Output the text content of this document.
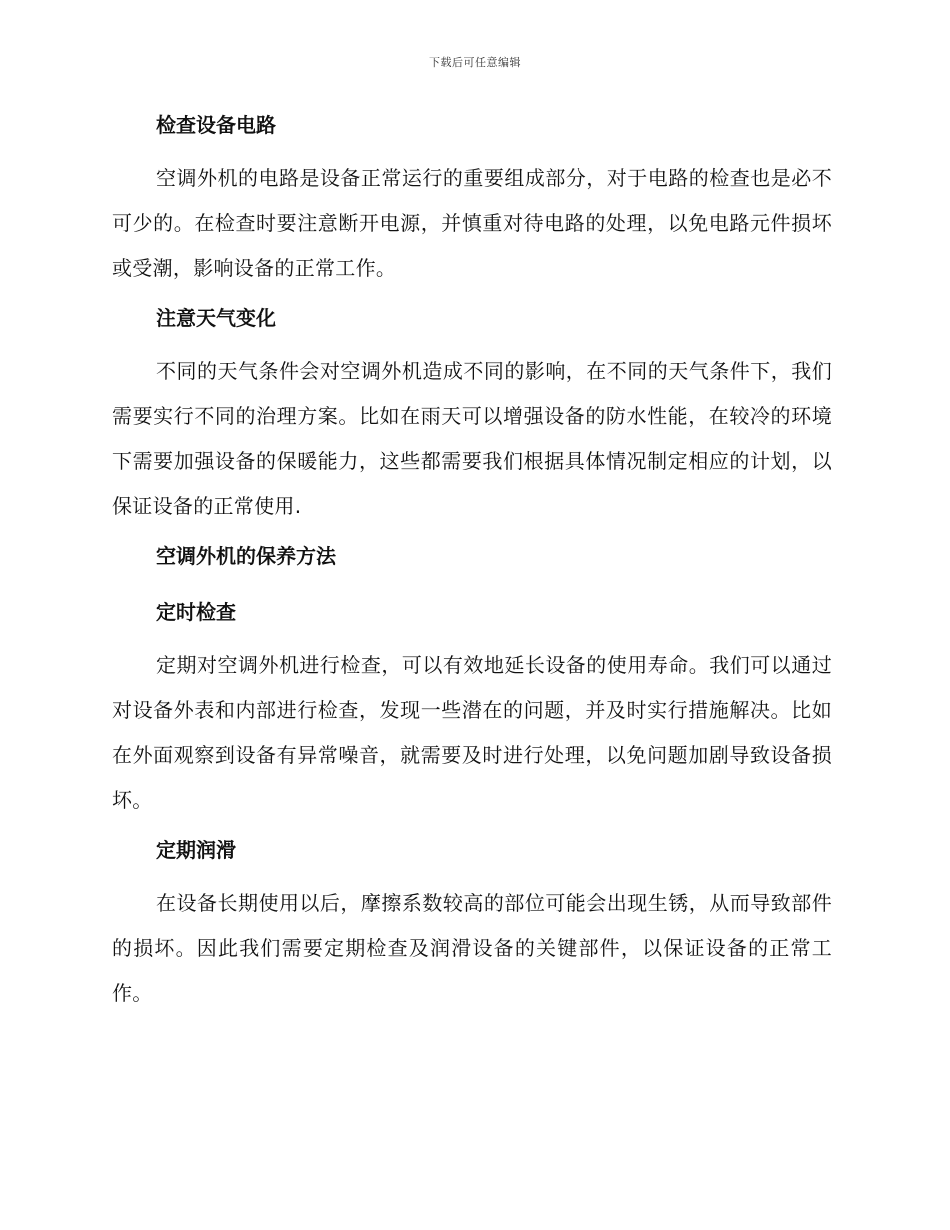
下载后可任意编辑
检查设备电路

空调外机的电路是设备正常运行的重要组成部分，对于电路的检查也是必不可少的。在检查时要注意断开电源，并慎重对待电路的处理，以免电路元件损坏或受潮，影响设备的正常工作。

注意天气变化

不同的天气条件会对空调外机造成不同的影响，在不同的天气条件下，我们需要实行不同的治理方案。比如在雨天可以增强设备的防水性能，在较冷的环境下需要加强设备的保暖能力，这些都需要我们根据具体情况制定相应的计划，以保证设备的正常使用.

空调外机的保养方法
定时检查

定期对空调外机进行检查，可以有效地延长设备的使用寿命。我们可以通过对设备外表和内部进行检查，发现一些潜在的问题，并及时实行措施解决。比如在外面观察到设备有异常噪音，就需要及时进行处理，以免问题加剧导致设备损坏。

定期润滑

在设备长期使用以后，摩擦系数较高的部位可能会出现生锈，从而导致部件的损坏。因此我们需要定期检查及润滑设备的关键部件，以保证设备的正常工作。
